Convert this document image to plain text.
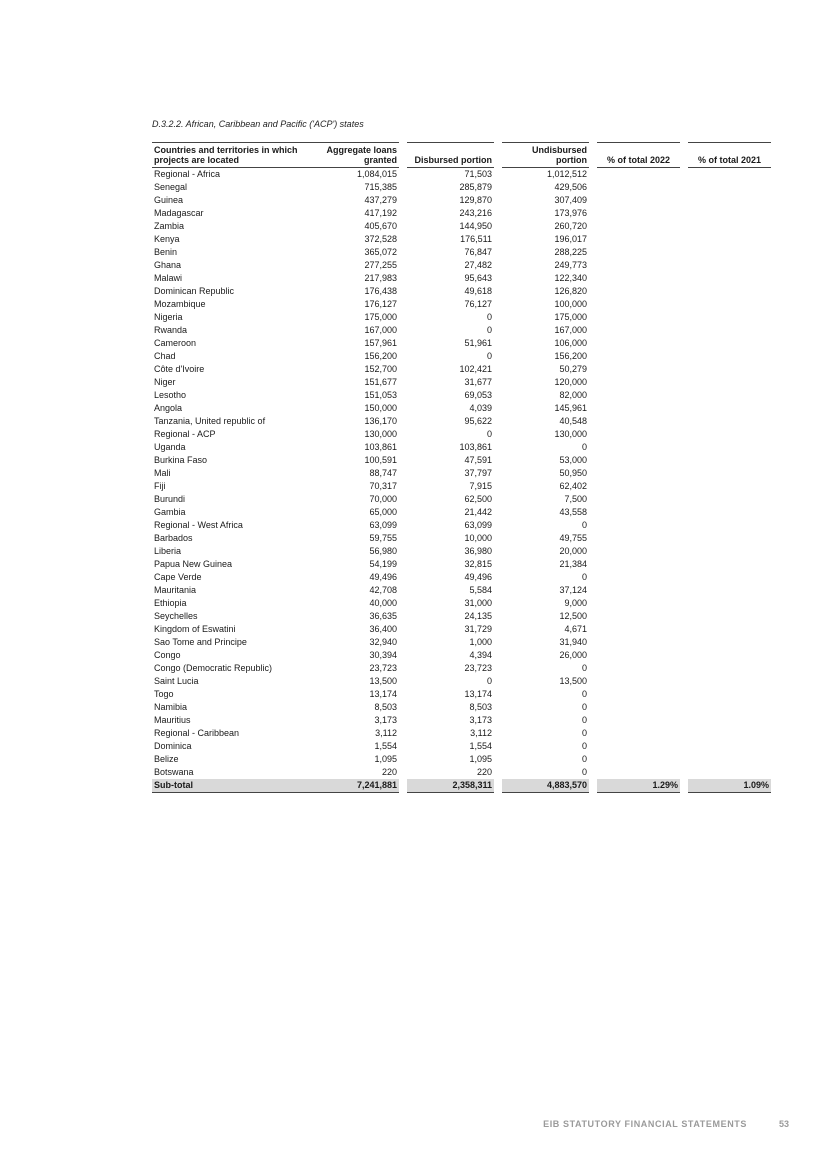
D.3.2.2. African, Caribbean and Pacific ('ACP') states
Countries and territories in which projects are located	Aggregate loans granted		Disbursed portion		Undisbursed portion		% of total 2022		% of total 2021
Regional - Africa	1,084,015		71,503		1,012,512				
Senegal	715,385		285,879		429,506				
Guinea	437,279		129,870		307,409				
Madagascar	417,192		243,216		173,976				
Zambia	405,670		144,950		260,720				
Kenya	372,528		176,511		196,017				
Benin	365,072		76,847		288,225				
Ghana	277,255		27,482		249,773				
Malawi	217,983		95,643		122,340				
Dominican Republic	176,438		49,618		126,820				
Mozambique	176,127		76,127		100,000				
Nigeria	175,000		0		175,000				
Rwanda	167,000		0		167,000				
Cameroon	157,961		51,961		106,000				
Chad	156,200		0		156,200				
Côte d'Ivoire	152,700		102,421		50,279				
Niger	151,677		31,677		120,000				
Lesotho	151,053		69,053		82,000				
Angola	150,000		4,039		145,961				
Tanzania, United republic of	136,170		95,622		40,548				
Regional - ACP	130,000		0		130,000				
Uganda	103,861		103,861		0				
Burkina Faso	100,591		47,591		53,000				
Mali	88,747		37,797		50,950				
Fiji	70,317		7,915		62,402				
Burundi	70,000		62,500		7,500				
Gambia	65,000		21,442		43,558				
Regional - West Africa	63,099		63,099		0				
Barbados	59,755		10,000		49,755				
Liberia	56,980		36,980		20,000				
Papua New Guinea	54,199		32,815		21,384				
Cape Verde	49,496		49,496		0				
Mauritania	42,708		5,584		37,124				
Ethiopia	40,000		31,000		9,000				
Seychelles	36,635		24,135		12,500				
Kingdom of Eswatini	36,400		31,729		4,671				
Sao Tome and Principe	32,940		1,000		31,940				
Congo	30,394		4,394		26,000				
Congo (Democratic Republic)	23,723		23,723		0				
Saint Lucia	13,500		0		13,500				
Togo	13,174		13,174		0				
Namibia	8,503		8,503		0				
Mauritius	3,173		3,173		0				
Regional - Caribbean	3,112		3,112		0				
Dominica	1,554		1,554		0				
Belize	1,095		1,095		0				
Botswana	220		220		0				
Sub-total	7,241,881		2,358,311		4,883,570		1.29%		1.09%
EIB STATUTORY FINANCIAL STATEMENTS	53
